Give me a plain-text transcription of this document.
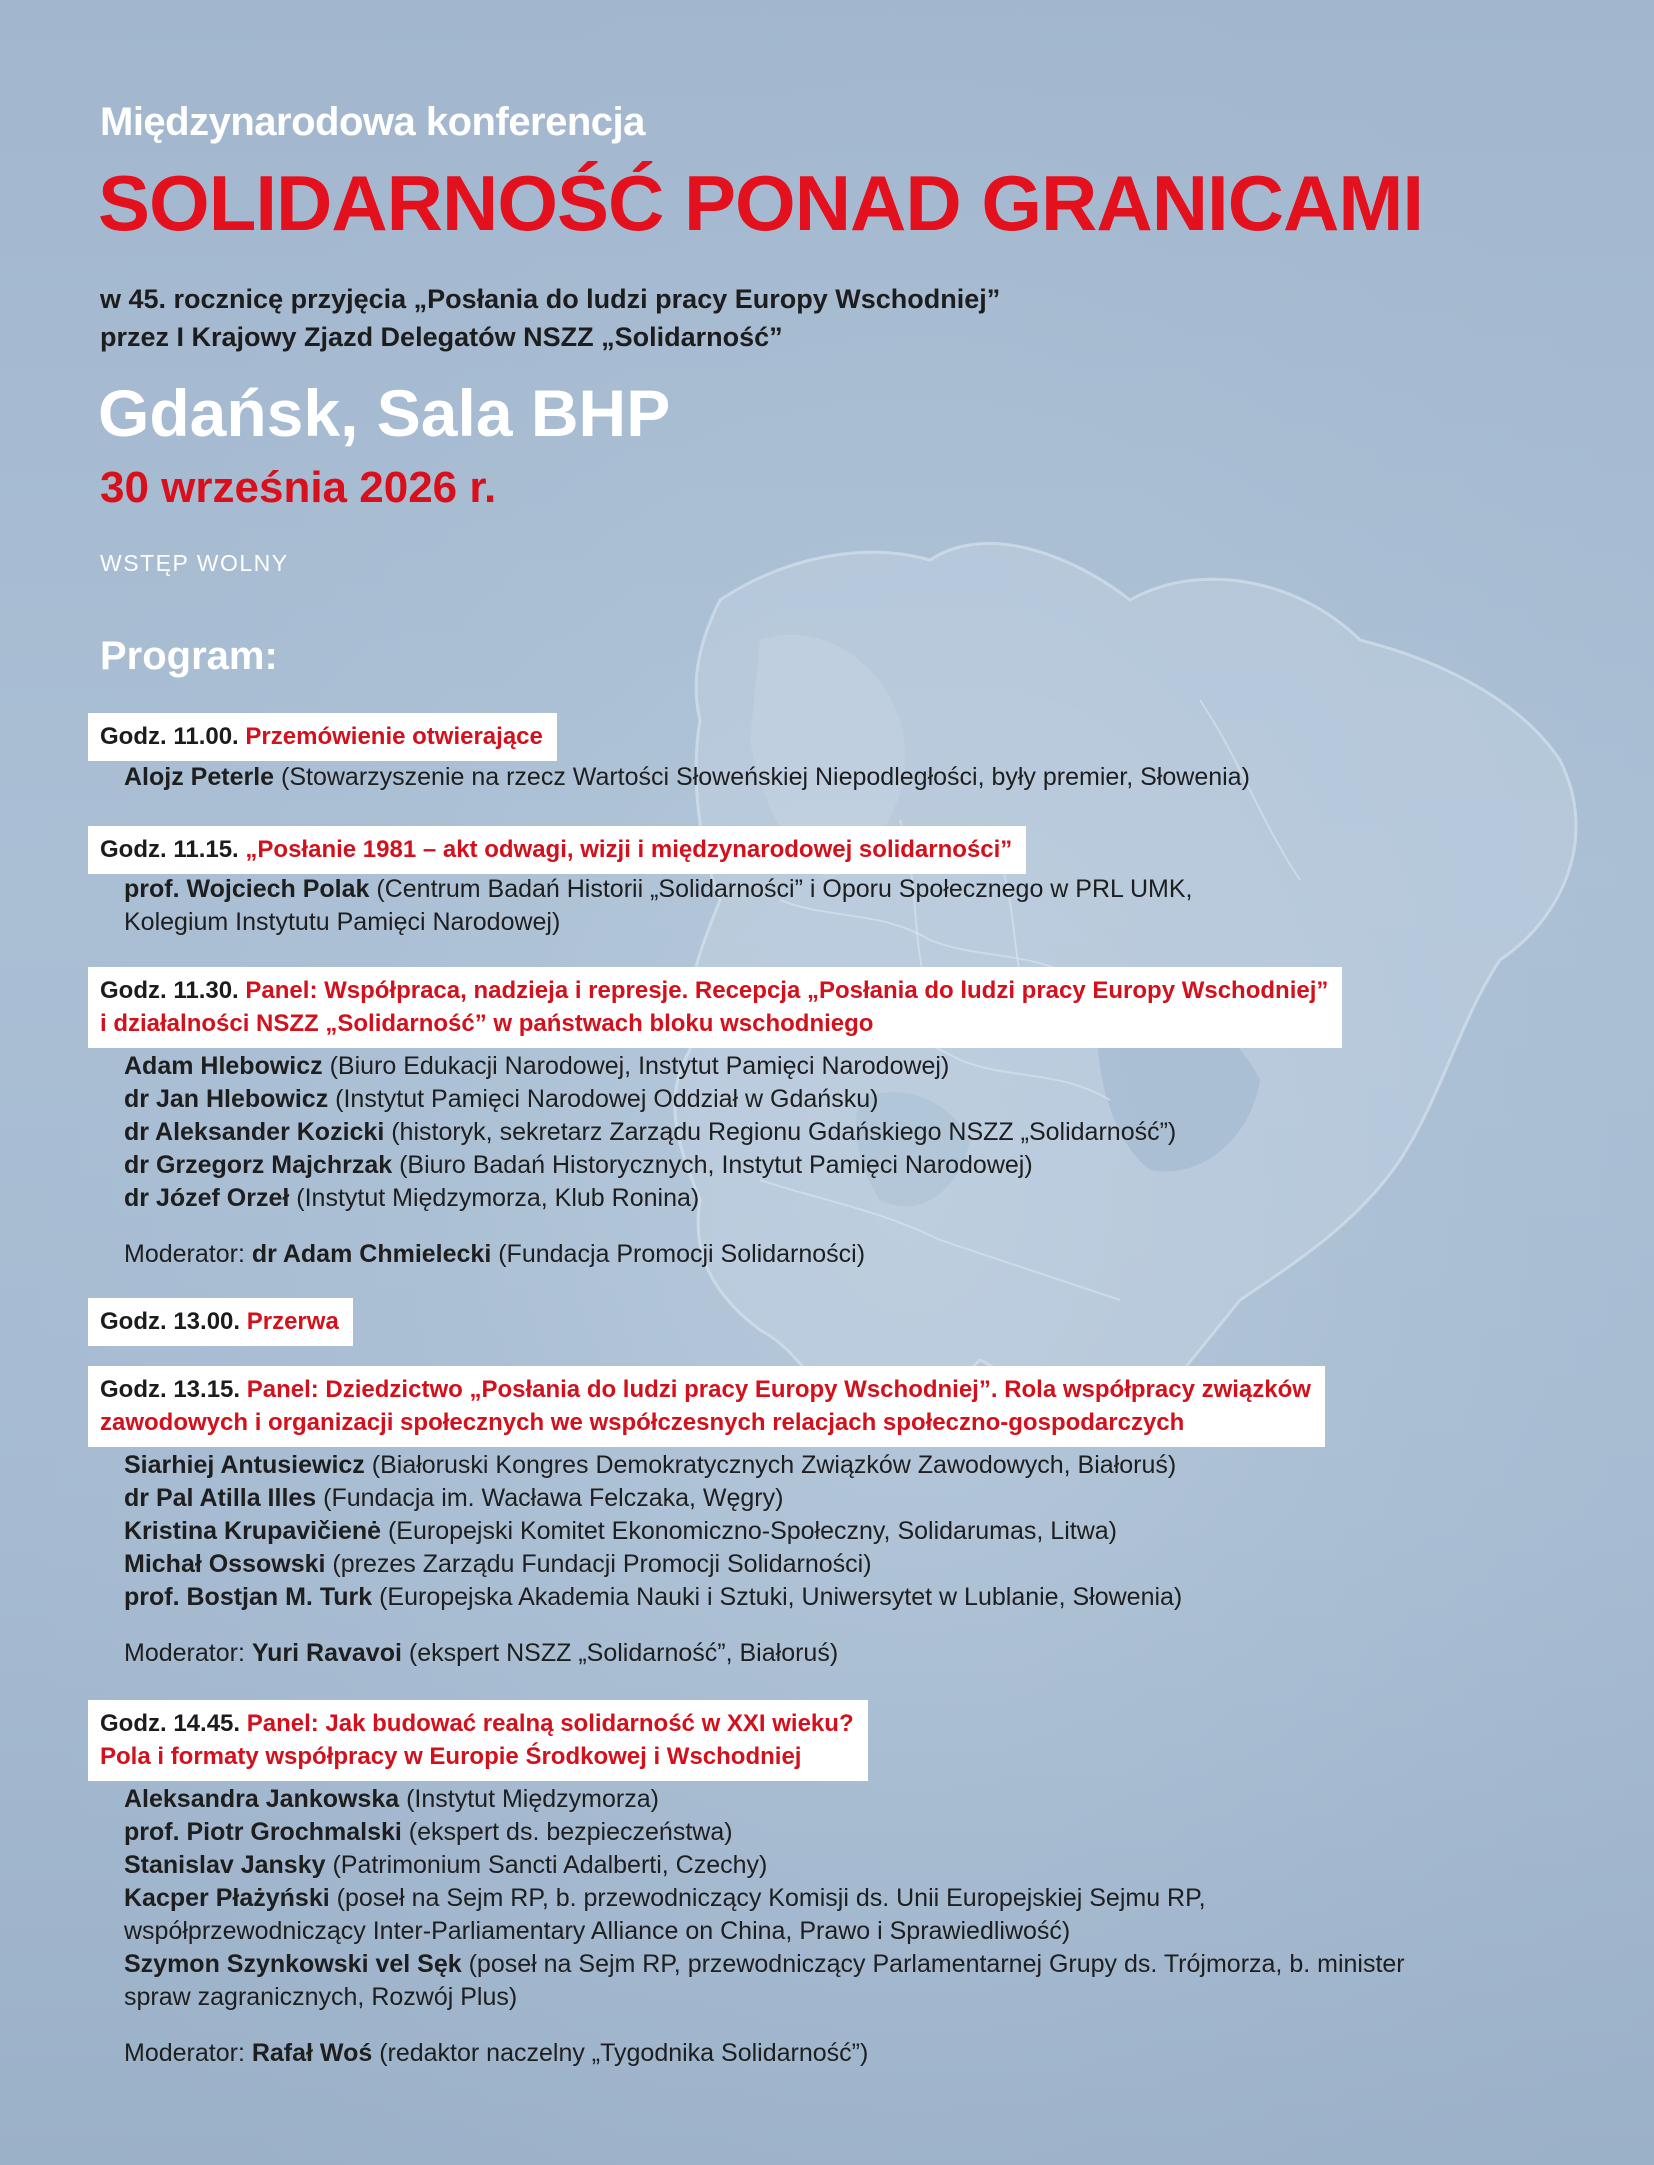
Międzynarodowa konferencja
SOLIDARNOŚĆ PONAD GRANICAMI
w 45. rocznicę przyjęcia „Posłania do ludzi pracy Europy Wschodniej”
przez I Krajowy Zjazd Delegatów NSZZ „Solidarność”
Gdańsk, Sala BHP
30 września 2026 r.
WSTĘP WOLNY
Program:
Godz. 11.00. Przemówienie otwierające
Alojz Peterle (Stowarzyszenie na rzecz Wartości Słoweńskiej Niepodległości, były premier, Słowenia)
Godz. 11.15. „Posłanie 1981 – akt odwagi, wizji i międzynarodowej solidarności”
prof. Wojciech Polak (Centrum Badań Historii „Solidarności” i Oporu Społecznego w PRL UMK,
Kolegium Instytutu Pamięci Narodowej)
Godz. 11.30. Panel: Współpraca, nadzieja i represje. Recepcja „Posłania do ludzi pracy Europy Wschodniej”
i działalności NSZZ „Solidarność” w państwach bloku wschodniego
Adam Hlebowicz (Biuro Edukacji Narodowej, Instytut Pamięci Narodowej)
dr Jan Hlebowicz (Instytut Pamięci Narodowej Oddział w Gdańsku)
dr Aleksander Kozicki (historyk, sekretarz Zarządu Regionu Gdańskiego NSZZ „Solidarność”)
dr Grzegorz Majchrzak (Biuro Badań Historycznych, Instytut Pamięci Narodowej)
dr Józef Orzeł (Instytut Międzymorza, Klub Ronina)
Moderator: dr Adam Chmielecki (Fundacja Promocji Solidarności)
Godz. 13.00. Przerwa
Godz. 13.15. Panel: Dziedzictwo „Posłania do ludzi pracy Europy Wschodniej”. Rola współpracy związków
zawodowych i organizacji społecznych we współczesnych relacjach społeczno-gospodarczych
Siarhiej Antusiewicz (Białoruski Kongres Demokratycznych Związków Zawodowych, Białoruś)
dr Pal Atilla Illes (Fundacja im. Wacława Felczaka, Węgry)
Kristina Krupavičienė (Europejski Komitet Ekonomiczno-Społeczny, Solidarumas, Litwa)
Michał Ossowski (prezes Zarządu Fundacji Promocji Solidarności)
prof. Bostjan M. Turk (Europejska Akademia Nauki i Sztuki, Uniwersytet w Lublanie, Słowenia)
Moderator: Yuri Ravavoi (ekspert NSZZ „Solidarność”, Białoruś)
Godz. 14.45. Panel: Jak budować realną solidarność w XXI wieku?
Pola i formaty współpracy w Europie Środkowej i Wschodniej
Aleksandra Jankowska (Instytut Międzymorza)
prof. Piotr Grochmalski (ekspert ds. bezpieczeństwa)
Stanislav Jansky (Patrimonium Sancti Adalberti, Czechy)
Kacper Płażyński (poseł na Sejm RP, b. przewodniczący Komisji ds. Unii Europejskiej Sejmu RP,
współprzewodniczący Inter-Parliamentary Alliance on China, Prawo i Sprawiedliwość)
Szymon Szynkowski vel Sęk (poseł na Sejm RP, przewodniczący Parlamentarnej Grupy ds. Trójmorza, b. minister
spraw zagranicznych, Rozwój Plus)
Moderator: Rafał Woś (redaktor naczelny „Tygodnika Solidarność”)
